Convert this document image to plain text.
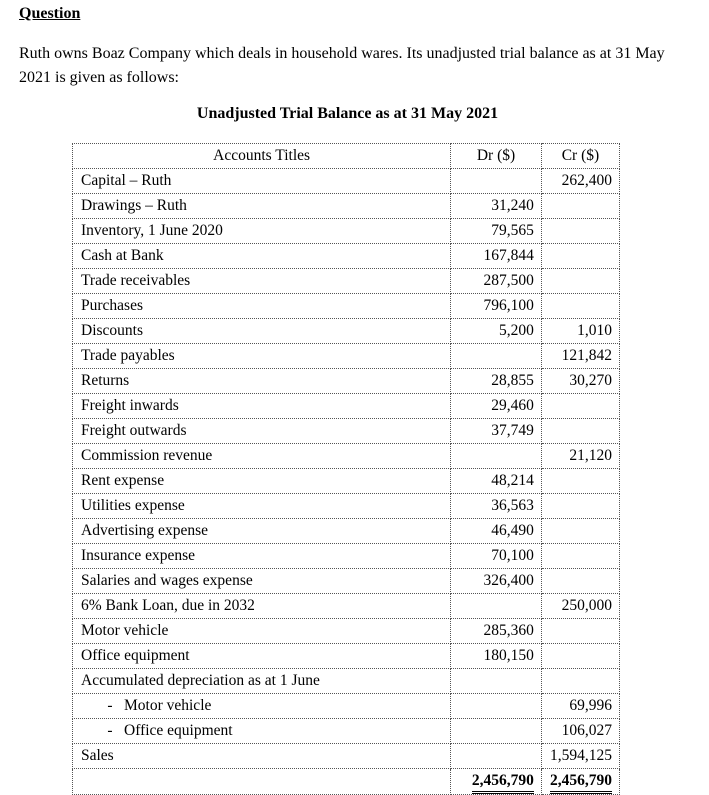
Question
Ruth owns Boaz Company which deals in household wares. Its unadjusted trial balance as at 31 May 2021 is given as follows:
Unadjusted Trial Balance as at 31 May 2021
Accounts Titles	Dr ($)	Cr ($)
Capital – Ruth		262,400
Drawings – Ruth	31,240	
Inventory, 1 June 2020	79,565	
Cash at Bank	167,844	
Trade receivables	287,500	
Purchases	796,100	
Discounts	5,200	1,010
Trade payables		121,842
Returns	28,855	30,270
Freight inwards	29,460	
Freight outwards	37,749	
Commission revenue		21,120
Rent expense	48,214	
Utilities expense	36,563	
Advertising expense	46,490	
Insurance expense	70,100	
Salaries and wages expense	326,400	
6% Bank Loan, due in 2032		250,000
Motor vehicle	285,360	
Office equipment	180,150	
Accumulated depreciation as at 1 June		
- Motor vehicle		69,996
- Office equipment		106,027
Sales		1,594,125
	2,456,790	2,456,790
